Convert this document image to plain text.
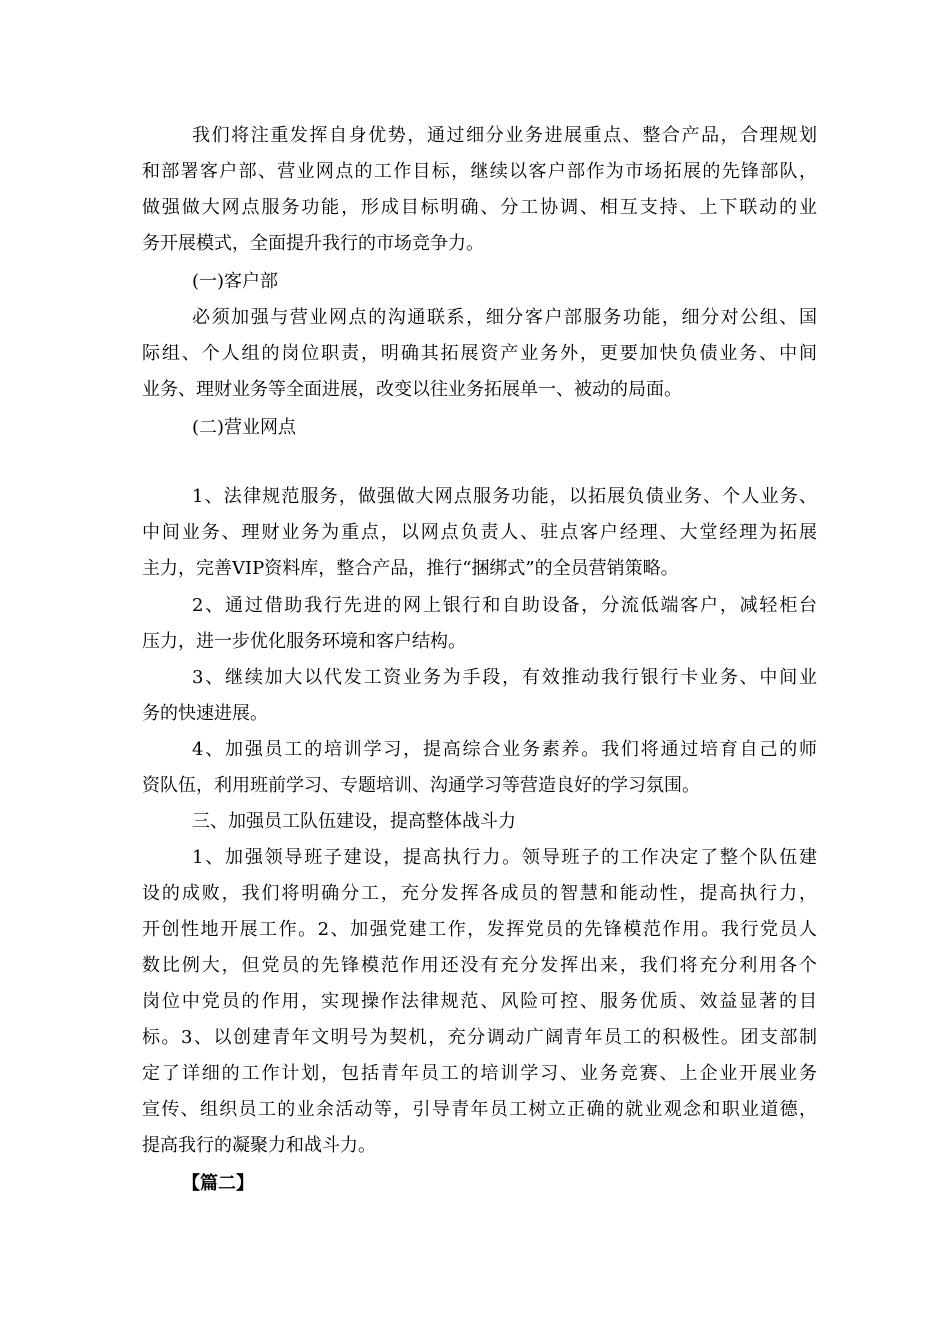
我们将注重发挥自身优势，通过细分业务进展重点、整合产品，合理规划
和部署客户部、营业网点的工作目标，继续以客户部作为市场拓展的先锋部队，
做强做大网点服务功能，形成目标明确、分工协调、相互支持、上下联动的业
务开展模式，全面提升我行的市场竞争力。
(一)客户部
必须加强与营业网点的沟通联系，细分客户部服务功能，细分对公组、国
际组、个人组的岗位职责，明确其拓展资产业务外，更要加快负债业务、中间
业务、理财业务等全面进展，改变以往业务拓展单一、被动的局面。
(二)营业网点
1、法律规范服务，做强做大网点服务功能，以拓展负债业务、个人业务、
中间业务、理财业务为重点，以网点负责人、驻点客户经理、大堂经理为拓展
主力，完善VIP资料库，整合产品，推行“捆绑式”的全员营销策略。
2、通过借助我行先进的网上银行和自助设备，分流低端客户，减轻柜台
压力，进一步优化服务环境和客户结构。
3、继续加大以代发工资业务为手段，有效推动我行银行卡业务、中间业
务的快速进展。
4、加强员工的培训学习，提高综合业务素养。我们将通过培育自己的师
资队伍，利用班前学习、专题培训、沟通学习等营造良好的学习氛围。
三、加强员工队伍建设，提高整体战斗力
1、加强领导班子建设，提高执行力。领导班子的工作决定了整个队伍建
设的成败，我们将明确分工，充分发挥各成员的智慧和能动性，提高执行力，
开创性地开展工作。2、加强党建工作，发挥党员的先锋模范作用。我行党员人
数比例大，但党员的先锋模范作用还没有充分发挥出来，我们将充分利用各个
岗位中党员的作用，实现操作法律规范、风险可控、服务优质、效益显著的目
标。3、以创建青年文明号为契机，充分调动广阔青年员工的积极性。团支部制
定了详细的工作计划，包括青年员工的培训学习、业务竞赛、上企业开展业务
宣传、组织员工的业余活动等，引导青年员工树立正确的就业观念和职业道德，
提高我行的凝聚力和战斗力。
【篇二】
